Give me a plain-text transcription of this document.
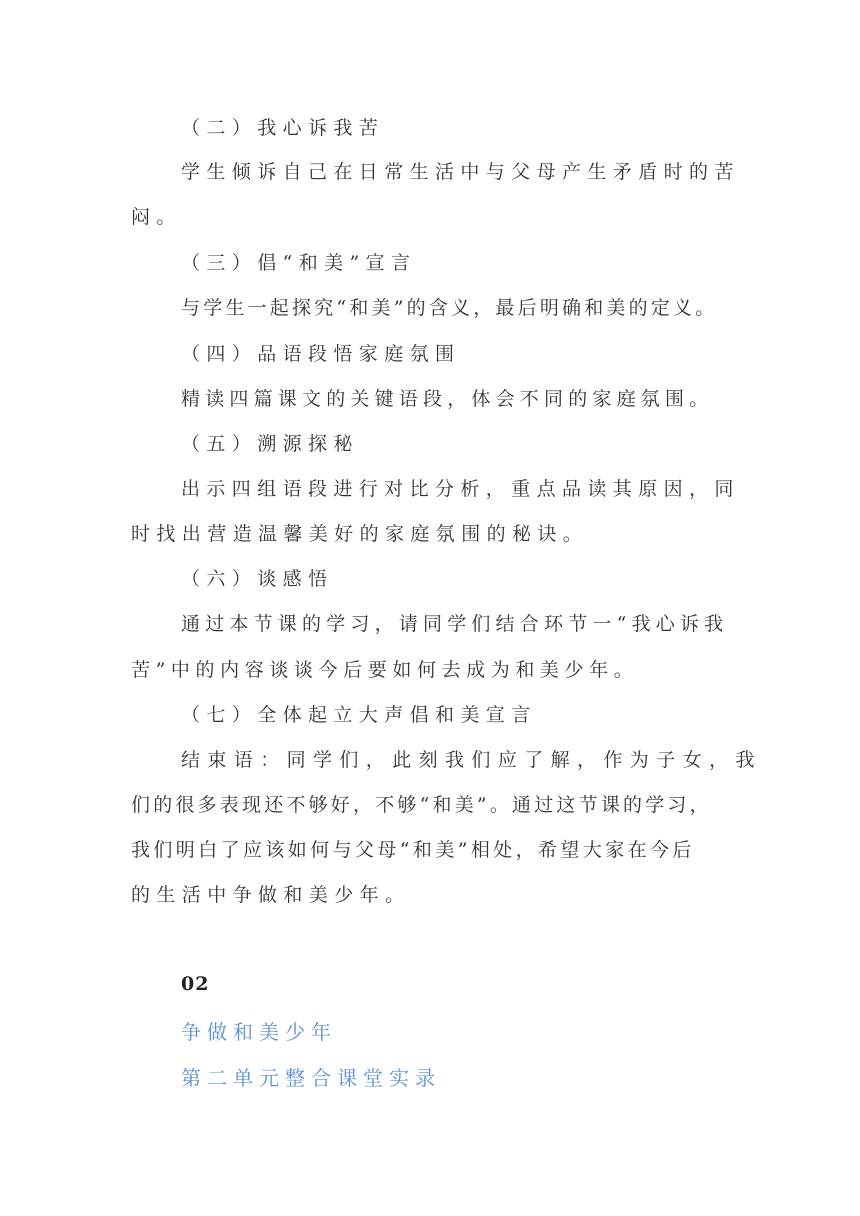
（二）我心诉我苦
学生倾诉自己在日常生活中与父母产生矛盾时的苦
闷。
（三）倡“和美”宣言
与学生一起探究“和美”的含义，最后明确和美的定义。
（四）品语段悟家庭氛围
精读四篇课文的关键语段，体会不同的家庭氛围。
（五）溯源探秘
出示四组语段进行对比分析，重点品读其原因，同
时找出营造温馨美好的家庭氛围的秘诀。
（六）谈感悟
通过本节课的学习，请同学们结合环节一“我心诉我
苦”中的内容谈谈今后要如何去成为和美少年。
（七）全体起立大声倡和美宣言
结束语：同学们，此刻我们应了解，作为子女，我
们的很多表现还不够好，不够“和美”。通过这节课的学习，
我们明白了应该如何与父母“和美”相处，希望大家在今后
的生活中争做和美少年。
02
争做和美少年
第二单元整合课堂实录
